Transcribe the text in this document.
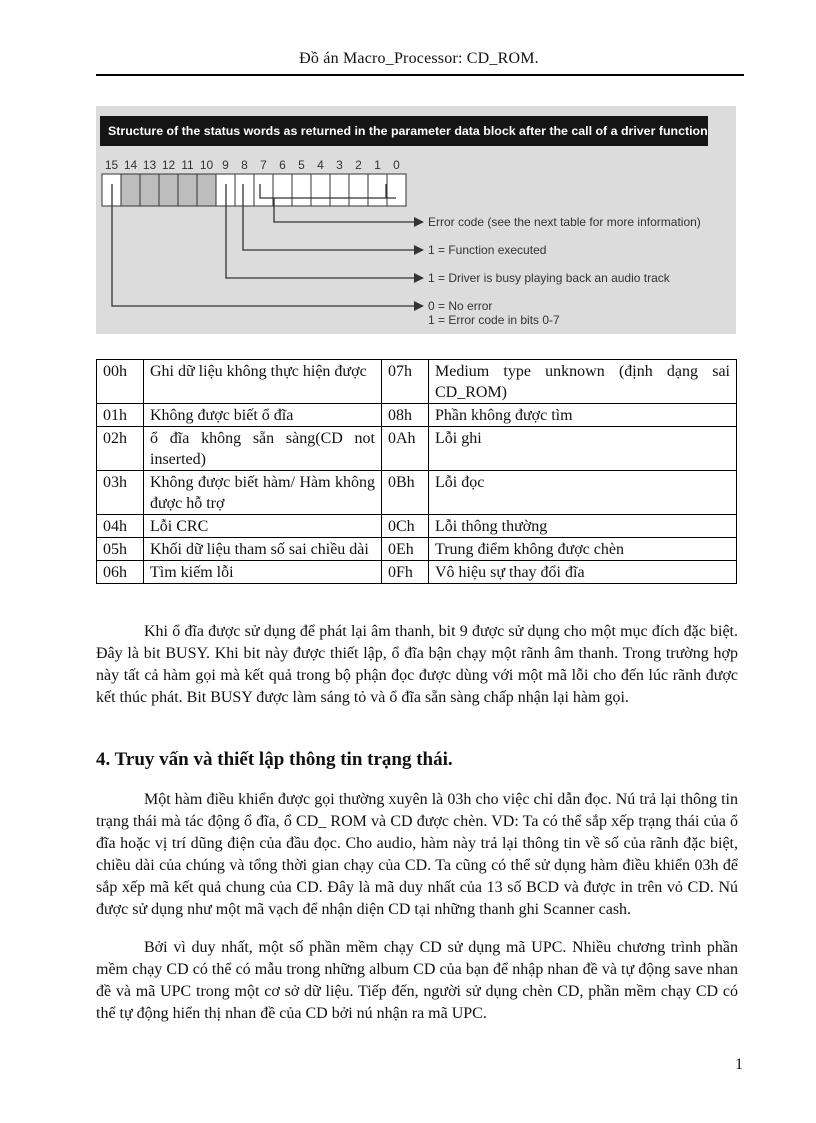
Đồ án Macro_Processor: CD_ROM.
Structure of the status words as returned in the parameter data block after the call of a driver function
15 14 13 12 11 10 9 8 7 6 5 4 3 2 1 0
Error code (see the next table for more information)
1 = Function executed
1 = Driver is busy playing back an audio track
0 = No error
1 = Error code in bits 0-7
00h	Ghi dữ liệu không thực hiện được	07h	Medium type unknown (định dạng sai CD_ROM)
01h	Không được biết ổ đĩa	08h	Phần không được tìm
02h	ổ đĩa không sẵn sàng(CD not inserted)	0Ah	Lỗi ghi
03h	Không được biết hàm/ Hàm không được hỗ trợ	0Bh	Lỗi đọc
04h	Lỗi CRC	0Ch	Lỗi thông thường
05h	Khối dữ liệu tham số sai chiều dài	0Eh	Trung điểm không được chèn
06h	Tìm kiếm lỗi	0Fh	Vô hiệu sự thay đổi đĩa
Khi ổ đĩa được sử dụng để phát lại âm thanh, bit 9 được sử dụng cho một mục đích đặc biệt. Đây là bit BUSY. Khi bit này được thiết lập, ổ đĩa bận chạy một rãnh âm thanh. Trong trường hợp này tất cả hàm gọi mà kết quả trong bộ phận đọc được dùng với một mã lỗi cho đến lúc rãnh được kết thúc phát. Bit BUSY được làm sáng tỏ và ổ đĩa sẵn sàng chấp nhận lại hàm gọi.
4. Truy vấn và thiết lập thông tin trạng thái.
Một hàm điều khiển được gọi thường xuyên là 03h cho việc chỉ dẫn đọc. Nú trả lại thông tin trạng thái mà tác động ổ đĩa, ổ CD_ ROM và CD được chèn. VD: Ta có thể sắp xếp trạng thái của ổ đĩa hoặc vị trí dũng điện của đầu đọc. Cho audio, hàm này trả lại thông tin về số của rãnh đặc biệt, chiều dài của chúng và tổng thời gian chạy của CD. Ta cũng có thể sử dụng hàm điều khiển 03h để sắp xếp mã kết quả chung của CD. Đây là mã duy nhất của 13 số BCD và được in trên vỏ CD. Nú được sử dụng như một mã vạch để nhận diện CD tại những thanh ghi Scanner cash.
Bởi vì duy nhất, một số phần mềm chạy CD sử dụng mã UPC. Nhiều chương trình phần mềm chạy CD có thể có mẫu trong những album CD của bạn để nhập nhan đề và tự động save nhan đề và mã UPC trong một cơ sở dữ liệu. Tiếp đến, người sử dụng chèn CD, phần mềm chạy CD có thể tự động hiển thị nhan đề của CD bởi nú nhận ra mã UPC.
1
